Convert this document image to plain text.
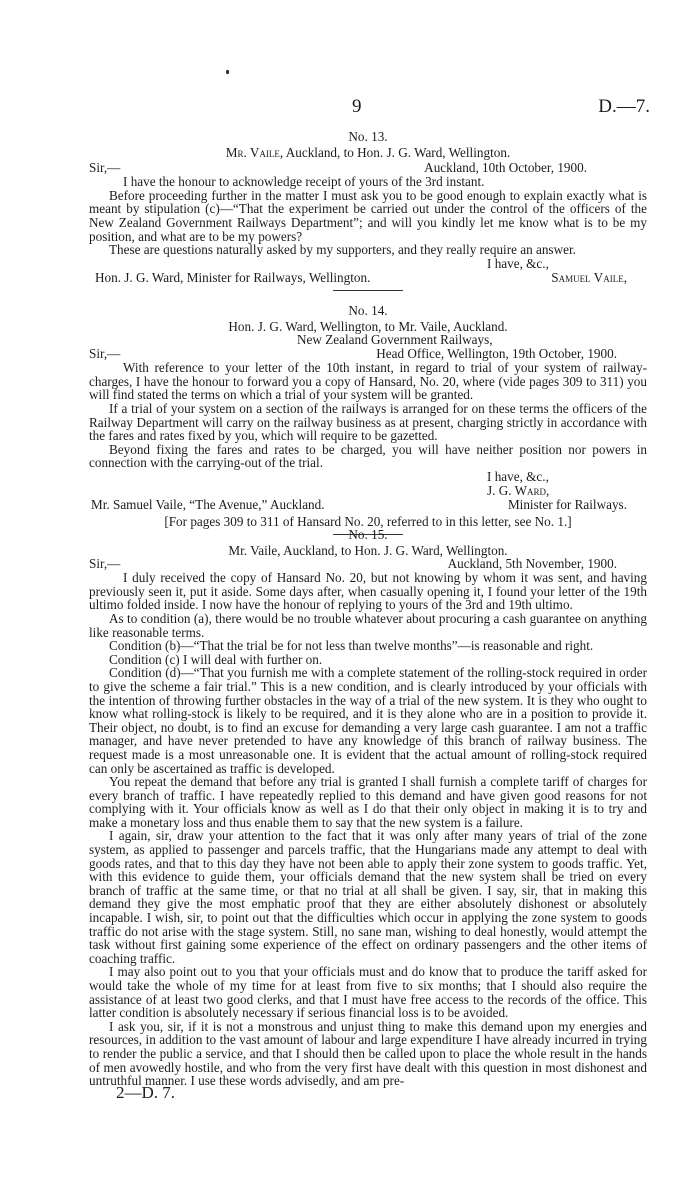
9	D.—7.

No. 13.

Mr. Vaile, Auckland, to Hon. J. G. Ward, Wellington.

Sir,—	Auckland, 10th October, 1900.

I have the honour to acknowledge receipt of yours of the 3rd instant.

Before proceeding further in the matter I must ask you to be good enough to explain exactly what is meant by stipulation (c)—“That the experiment be carried out under the control of the officers of the New Zealand Government Railways Department”; and will you kindly let me know what is to be my position, and what are to be my powers?

These are questions naturally asked by my supporters, and they really require an answer.

I have, &c.,
Hon. J. G. Ward, Minister for Railways, Wellington.	Samuel Vaile,

No. 14.

Hon. J. G. Ward, Wellington, to Mr. Vaile, Auckland.

New Zealand Government Railways,
Sir,—	Head Office, Wellington, 19th October, 1900.

With reference to your letter of the 10th instant, in regard to trial of your system of railway-charges, I have the honour to forward you a copy of Hansard, No. 20, where (vide pages 309 to 311) you will find stated the terms on which a trial of your system will be granted.

If a trial of your system on a section of the railways is arranged for on these terms the officers of the Railway Department will carry on the railway business as at present, charging strictly in accordance with the fares and rates fixed by you, which will require to be gazetted.

Beyond fixing the fares and rates to be charged, you will have neither position nor powers in connection with the carrying-out of the trial.

I have, &c.,
J. G. Ward,
Mr. Samuel Vaile, “The Avenue,” Auckland.	Minister for Railways.

[For pages 309 to 311 of Hansard No. 20, referred to in this letter, see No. 1.]

No. 15.

Mr. Vaile, Auckland, to Hon. J. G. Ward, Wellington.

Sir,—	Auckland, 5th November, 1900.

I duly received the copy of Hansard No. 20, but not knowing by whom it was sent, and having previously seen it, put it aside. Some days after, when casually opening it, I found your letter of the 19th ultimo folded inside. I now have the honour of replying to yours of the 3rd and 19th ultimo.

As to condition (a), there would be no trouble whatever about procuring a cash guarantee on anything like reasonable terms.

Condition (b)—“That the trial be for not less than twelve months”—is reasonable and right.

Condition (c) I will deal with further on.

Condition (d)—“That you furnish me with a complete statement of the rolling-stock required in order to give the scheme a fair trial.” This is a new condition, and is clearly introduced by your officials with the intention of throwing further obstacles in the way of a trial of the new system. It is they who ought to know what rolling-stock is likely to be required, and it is they alone who are in a position to provide it. Their object, no doubt, is to find an excuse for demanding a very large cash guarantee. I am not a traffic manager, and have never pretended to have any knowledge of this branch of railway business. The request made is a most unreasonable one. It is evident that the actual amount of rolling-stock required can only be ascertained as traffic is developed.

You repeat the demand that before any trial is granted I shall furnish a complete tariff of charges for every branch of traffic. I have repeatedly replied to this demand and have given good reasons for not complying with it. Your officials know as well as I do that their only object in making it is to try and make a monetary loss and thus enable them to say that the new system is a failure.

I again, sir, draw your attention to the fact that it was only after many years of trial of the zone system, as applied to passenger and parcels traffic, that the Hungarians made any attempt to deal with goods rates, and that to this day they have not been able to apply their zone system to goods traffic. Yet, with this evidence to guide them, your officials demand that the new system shall be tried on every branch of traffic at the same time, or that no trial at all shall be given. I say, sir, that in making this demand they give the most emphatic proof that they are either absolutely dishonest or absolutely incapable. I wish, sir, to point out that the difficulties which occur in applying the zone system to goods traffic do not arise with the stage system. Still, no sane man, wishing to deal honestly, would attempt the task without first gaining some experience of the effect on ordinary passengers and the other items of coaching traffic.

I may also point out to you that your officials must and do know that to produce the tariff asked for would take the whole of my time for at least from five to six months; that I should also require the assistance of at least two good clerks, and that I must have free access to the records of the office. This latter condition is absolutely necessary if serious financial loss is to be avoided.

I ask you, sir, if it is not a monstrous and unjust thing to make this demand upon my energies and resources, in addition to the vast amount of labour and large expenditure I have already incurred in trying to render the public a service, and that I should then be called upon to place the whole result in the hands of men avowedly hostile, and who from the very first have dealt with this question in most dishonest and untruthful manner. I use these words advisedly, and am pre-

2—D. 7.
